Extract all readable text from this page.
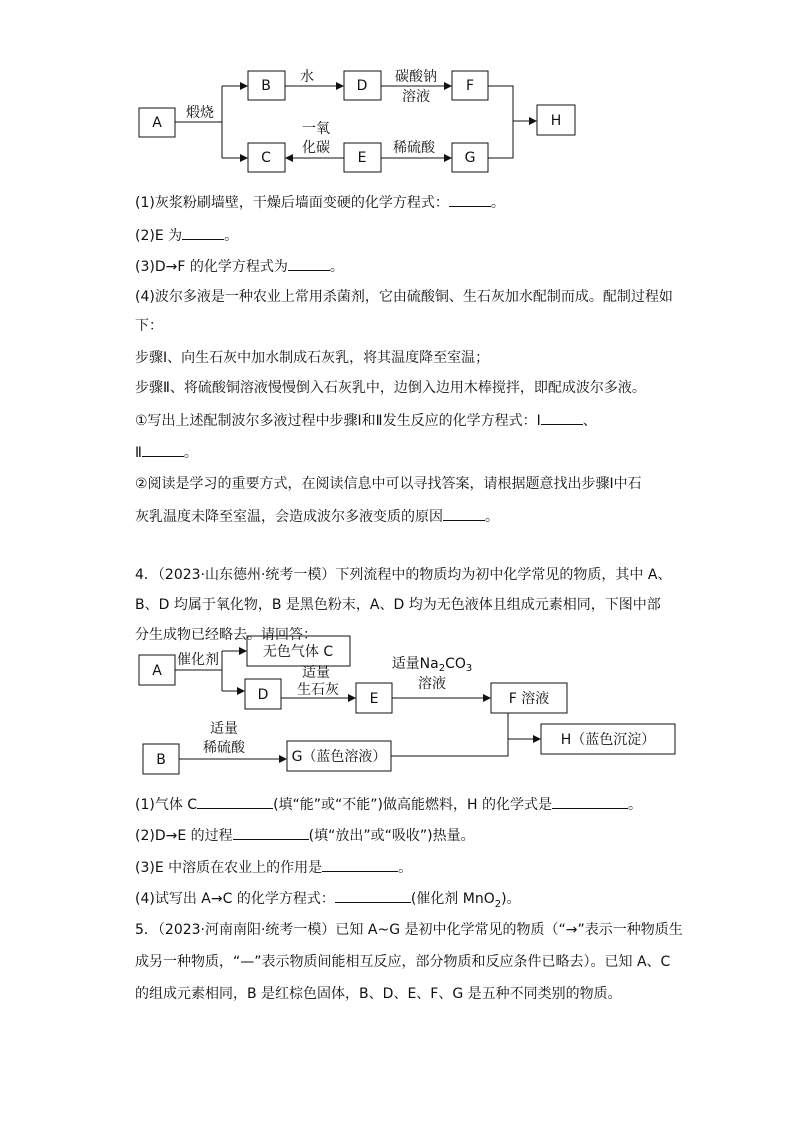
A
B	D	F
H
C	E	G
煅烧
水	碳酸钠
溶液
一氧
化碳	稀硫酸
(1)灰浆粉刷墙壁，干燥后墙面变硬的化学方程式：	。
(2)E 为	。
(3)D→F 的化学方程式为	。
(4)波尔多液是一种农业上常用杀菌剂，它由硫酸铜、生石灰加水配制而成。配制过程如
下：
步骤Ⅰ、向生石灰中加水制成石灰乳，将其温度降至室温；
步骤Ⅱ、将硫酸铜溶液慢慢倒入石灰乳中，边倒入边用木棒搅拌，即配成波尔多液。
①写出上述配制波尔多液过程中步骤Ⅰ和Ⅱ发生反应的化学方程式：Ⅰ	、
Ⅱ	。
②阅读是学习的重要方式，在阅读信息中可以寻找答案，请根据题意找出步骤Ⅰ中石
灰乳温度未降至室温，会造成波尔多液变质的原因	。
4．（2023·山东德州·统考一模）下列流程中的物质均为初中化学常见的物质，其中 A、
B、D 均属于氧化物，B 是黑色粉末，A、D 均为无色液体且组成元素相同，下图中部
分生成物已经略去。请回答：
A
无色气体 C
D	E	F 溶液
B	G（蓝色溶液）
H（蓝色沉淀）
催化剂
适量
生石灰
适量$Na_2CO_3$
溶液
适量
稀硫酸
(1)气体 C	(填“能”或“不能”)做高能燃料，H 的化学式是	。
(2)D→E 的过程	(填“放出”或“吸收”)热量。
(3)E 中溶质在农业上的作用是	。
(4)试写出 A→C 的化学方程式：	(催化剂 MnO$_2$)。
5．（2023·河南南阳·统考一模）已知 A~G 是初中化学常见的物质（“→”表示一种物质生
成另一种物质，“—”表示物质间能相互反应，部分物质和反应条件已略去）。已知 A、C
的组成元素相同，B 是红棕色固体，B、D、E、F、G 是五种不同类别的物质。
